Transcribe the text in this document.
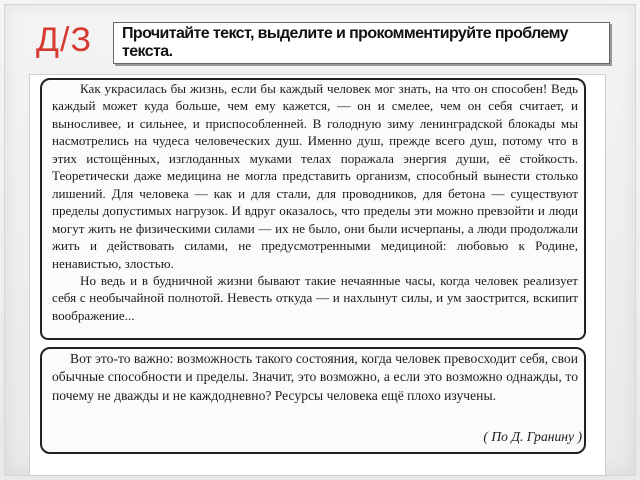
Д/З Прочитайте текст, выделите и прокомментируйте проблему текста.

Как украсилась бы жизнь, если бы каждый человек мог знать, на что он способен! Ведь каждый может куда больше, чем ему кажется, — он и смелее, чем он себя считает, и выносливее, и сильнее, и приспособленней. В голодную зиму ленинградской блокады мы насмотрелись на чудеса человеческих душ. Именно душ, прежде всего душ, потому что в этих истощённых, изглоданных муками телах поражала энергия души, её стойкость. Теоретически даже медицина не могла представить организм, способный вынести столько лишений. Для человека — как и для стали, для проводников, для бетона — существуют пределы допустимых нагрузок. И вдруг оказалось, что пределы эти можно превзойти и люди могут жить не физическими силами — их не было, они были исчерпаны, а люди продолжали жить и действовать силами, не предусмотренными медициной: любовью к Родине, ненавистью, злостью.

Но ведь и в будничной жизни бывают такие нечаянные часы, когда человек реализует себя с необычайной полнотой. Невесть откуда — и нахлынут силы, и ум заострится, вскипит воображение...

Вот это-то важно: возможность такого состояния, когда человек превосходит себя, свои обычные способности и пределы. Значит, это возможно, а если это возможно однажды, то почему не дважды и не каждодневно? Ресурсы человека ещё плохо изучены.

( По Д. Гранину )
